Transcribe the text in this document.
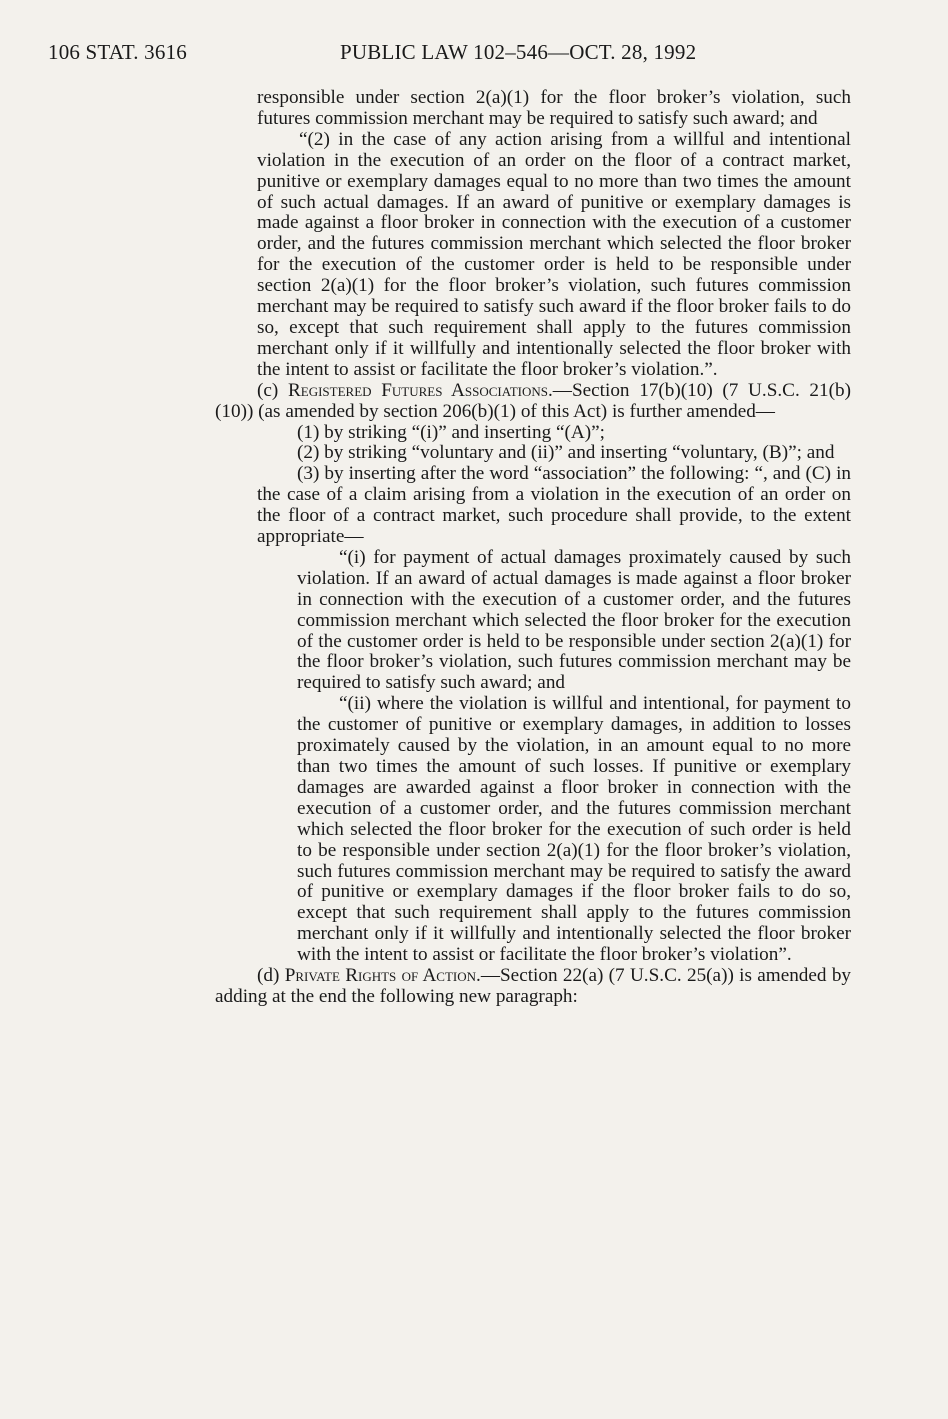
106 STAT. 3616	PUBLIC LAW 102–546—OCT. 28, 1992

responsible under section 2(a)(1) for the floor broker’s violation, such futures commission merchant may be required to satisfy such award; and

“(2) in the case of any action arising from a willful and intentional violation in the execution of an order on the floor of a contract market, punitive or exemplary damages equal to no more than two times the amount of such actual damages. If an award of punitive or exemplary damages is made against a floor broker in connection with the execution of a customer order, and the futures commission merchant which selected the floor broker for the execution of the customer order is held to be responsible under section 2(a)(1) for the floor broker’s violation, such futures commission merchant may be required to satisfy such award if the floor broker fails to do so, except that such requirement shall apply to the futures commission merchant only if it willfully and intentionally selected the floor broker with the intent to assist or facilitate the floor broker’s violation.”.

(c) Registered Futures Associations.—Section 17(b)(10) (7 U.S.C. 21(b)(10)) (as amended by section 206(b)(1) of this Act) is further amended—

(1) by striking “(i)” and inserting “(A)”;

(2) by striking “voluntary and (ii)” and inserting “voluntary, (B)”; and

(3) by inserting after the word “association” the following: “, and (C) in the case of a claim arising from a violation in the execution of an order on the floor of a contract market, such procedure shall provide, to the extent appropriate—

“(i) for payment of actual damages proximately caused by such violation. If an award of actual damages is made against a floor broker in connection with the execution of a customer order, and the futures commission merchant which selected the floor broker for the execution of the customer order is held to be responsible under section 2(a)(1) for the floor broker’s violation, such futures commission merchant may be required to satisfy such award; and

“(ii) where the violation is willful and intentional, for payment to the customer of punitive or exemplary damages, in addition to losses proximately caused by the violation, in an amount equal to no more than two times the amount of such losses. If punitive or exemplary damages are awarded against a floor broker in connection with the execution of a customer order, and the futures commission merchant which selected the floor broker for the execution of such order is held to be responsible under section 2(a)(1) for the floor broker’s violation, such futures commission merchant may be required to satisfy the award of punitive or exemplary damages if the floor broker fails to do so, except that such requirement shall apply to the futures commission merchant only if it willfully and intentionally selected the floor broker with the intent to assist or facilitate the floor broker’s violation”.

(d) Private Rights of Action.—Section 22(a) (7 U.S.C. 25(a)) is amended by adding at the end the following new paragraph:
